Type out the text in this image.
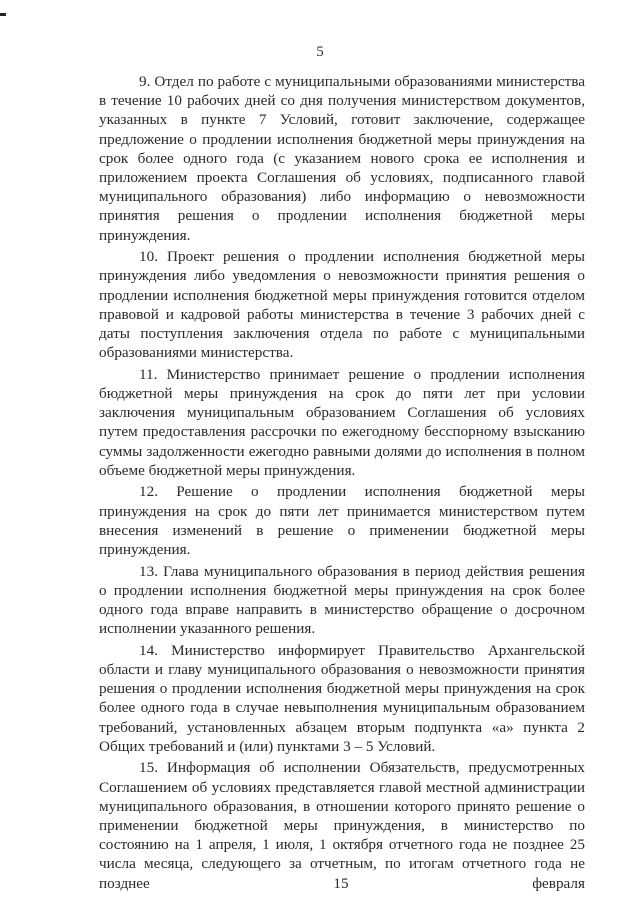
5

9. Отдел по работе с муниципальными образованиями министерства в течение 10 рабочих дней со дня получения министерством документов, указанных в пункте 7 Условий, готовит заключение, содержащее предложение о продлении исполнения бюджетной меры принуждения на срок более одного года (с указанием нового срока ее исполнения и приложением проекта Соглашения об условиях, подписанного главой муниципального образования) либо информацию о невозможности принятия решения о продлении исполнения бюджетной меры принуждения.

10. Проект решения о продлении исполнения бюджетной меры принуждения либо уведомления о невозможности принятия решения о продлении исполнения бюджетной меры принуждения готовится отделом правовой и кадровой работы министерства в течение 3 рабочих дней с даты поступления заключения отдела по работе с муниципальными образованиями министерства.

11. Министерство принимает решение о продлении исполнения бюджетной меры принуждения на срок до пяти лет при условии заключения муниципальным образованием Соглашения об условиях путем предоставления рассрочки по ежегодному бесспорному взысканию суммы задолженности ежегодно равными долями до исполнения в полном объеме бюджетной меры принуждения.

12. Решение о продлении исполнения бюджетной меры принуждения на срок до пяти лет принимается министерством путем внесения изменений в решение о применении бюджетной меры принуждения.

13. Глава муниципального образования в период действия решения о продлении исполнения бюджетной меры принуждения на срок более одного года вправе направить в министерство обращение о досрочном исполнении указанного решения.

14. Министерство информирует Правительство Архангельской области и главу муниципального образования о невозможности принятия решения о продлении исполнения бюджетной меры принуждения на срок более одного года в случае невыполнения муниципальным образованием требований, установленных абзацем вторым подпункта «а» пункта 2 Общих требований и (или) пунктами 3 – 5 Условий.

15. Информация об исполнении Обязательств, предусмотренных Соглашением об условиях представляется главой местной администрации муниципального образования, в отношении которого принято решение о применении бюджетной меры принуждения, в министерство по состоянию на 1 апреля, 1 июля, 1 октября отчетного года не позднее 25 числа месяца, следующего за отчетным, по итогам отчетного года не позднее 15 февраля
